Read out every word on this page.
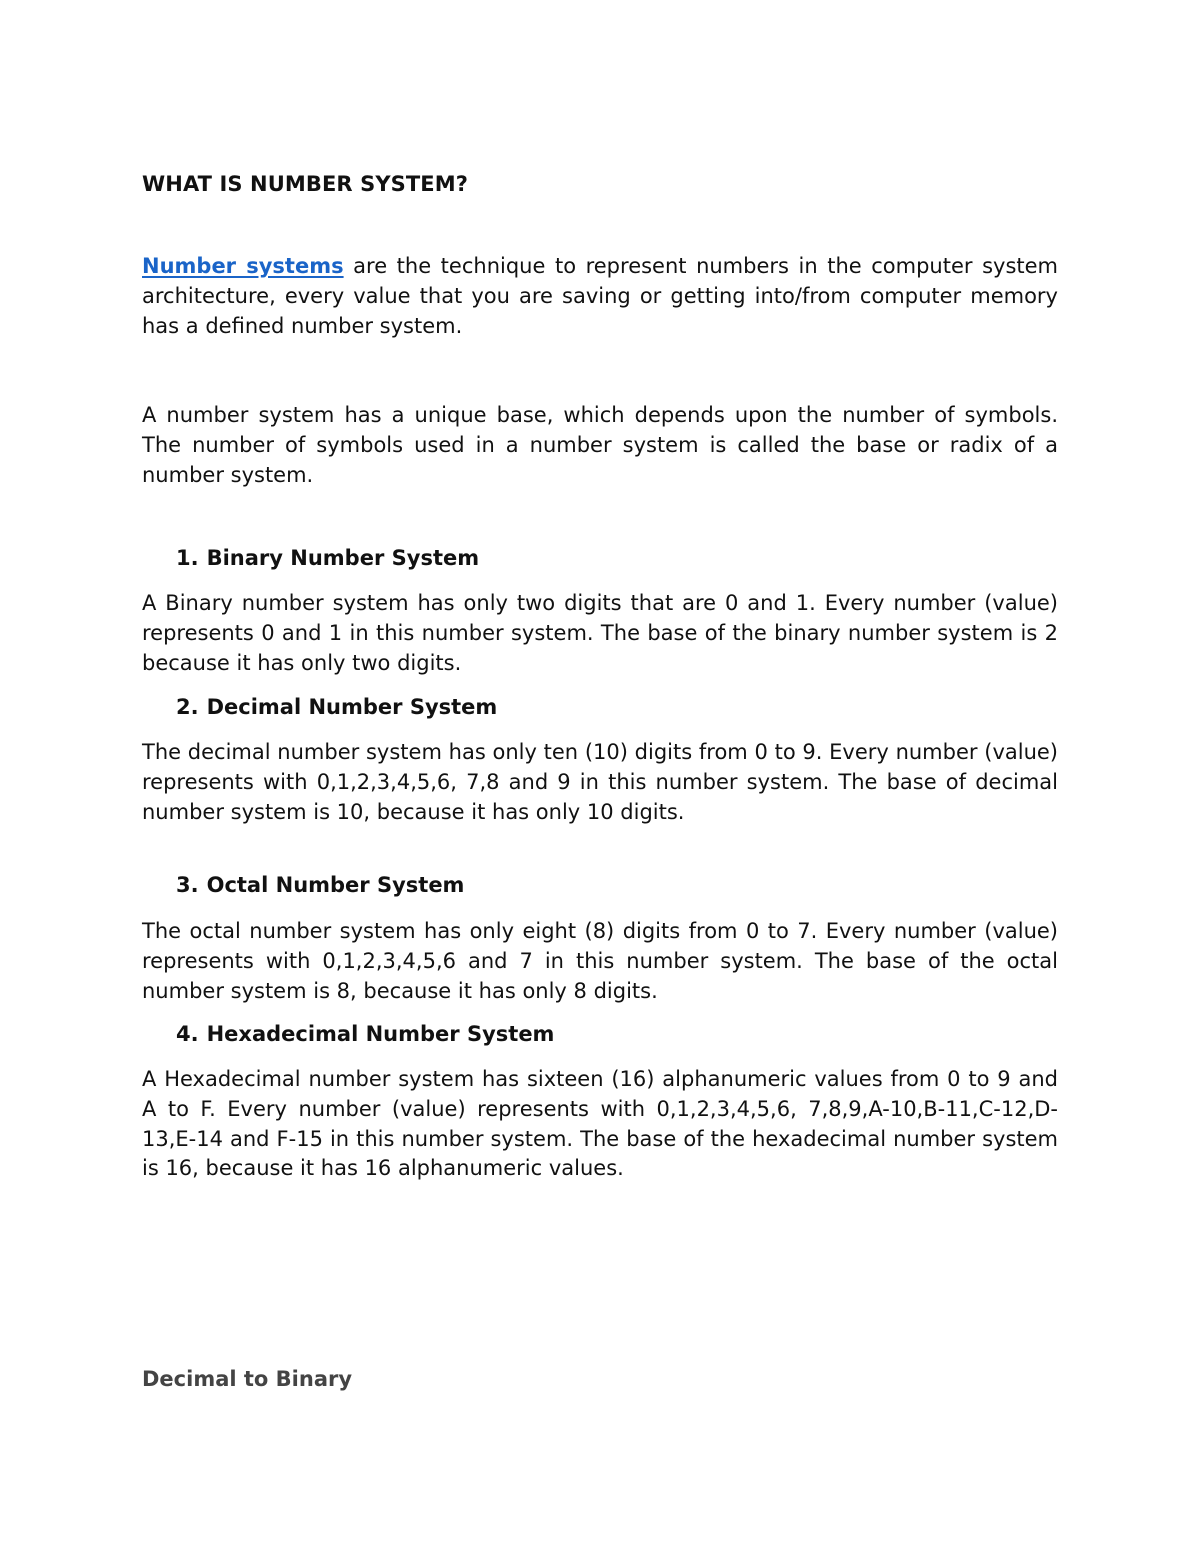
WHAT IS NUMBER SYSTEM?

Number systems are the technique to represent numbers in the computer system architecture, every value that you are saving or getting into/from computer memory has a defined number system.

A number system has a unique base, which depends upon the number of symbols. The number of symbols used in a number system is called the base or radix of a number system.

1. Binary Number System

A Binary number system has only two digits that are 0 and 1. Every number (value) represents 0 and 1 in this number system. The base of the binary number system is 2 because it has only two digits.

2. Decimal Number System

The decimal number system has only ten (10) digits from 0 to 9. Every number (value) represents with 0,1,2,3,4,5,6, 7,8 and 9 in this number system. The base of decimal number system is 10, because it has only 10 digits.

3. Octal Number System

The octal number system has only eight (8) digits from 0 to 7. Every number (value) represents with 0,1,2,3,4,5,6 and 7 in this number system. The base of the octal number system is 8, because it has only 8 digits.

4. Hexadecimal Number System

A Hexadecimal number system has sixteen (16) alphanumeric values from 0 to 9 and A to F. Every number (value) represents with 0,1,2,3,4,5,6, 7,8,9,A-10,B-11,C-12,D-13,E-14 and F-15 in this number system. The base of the hexadecimal number system is 16, because it has 16 alphanumeric values.

Decimal to Binary
